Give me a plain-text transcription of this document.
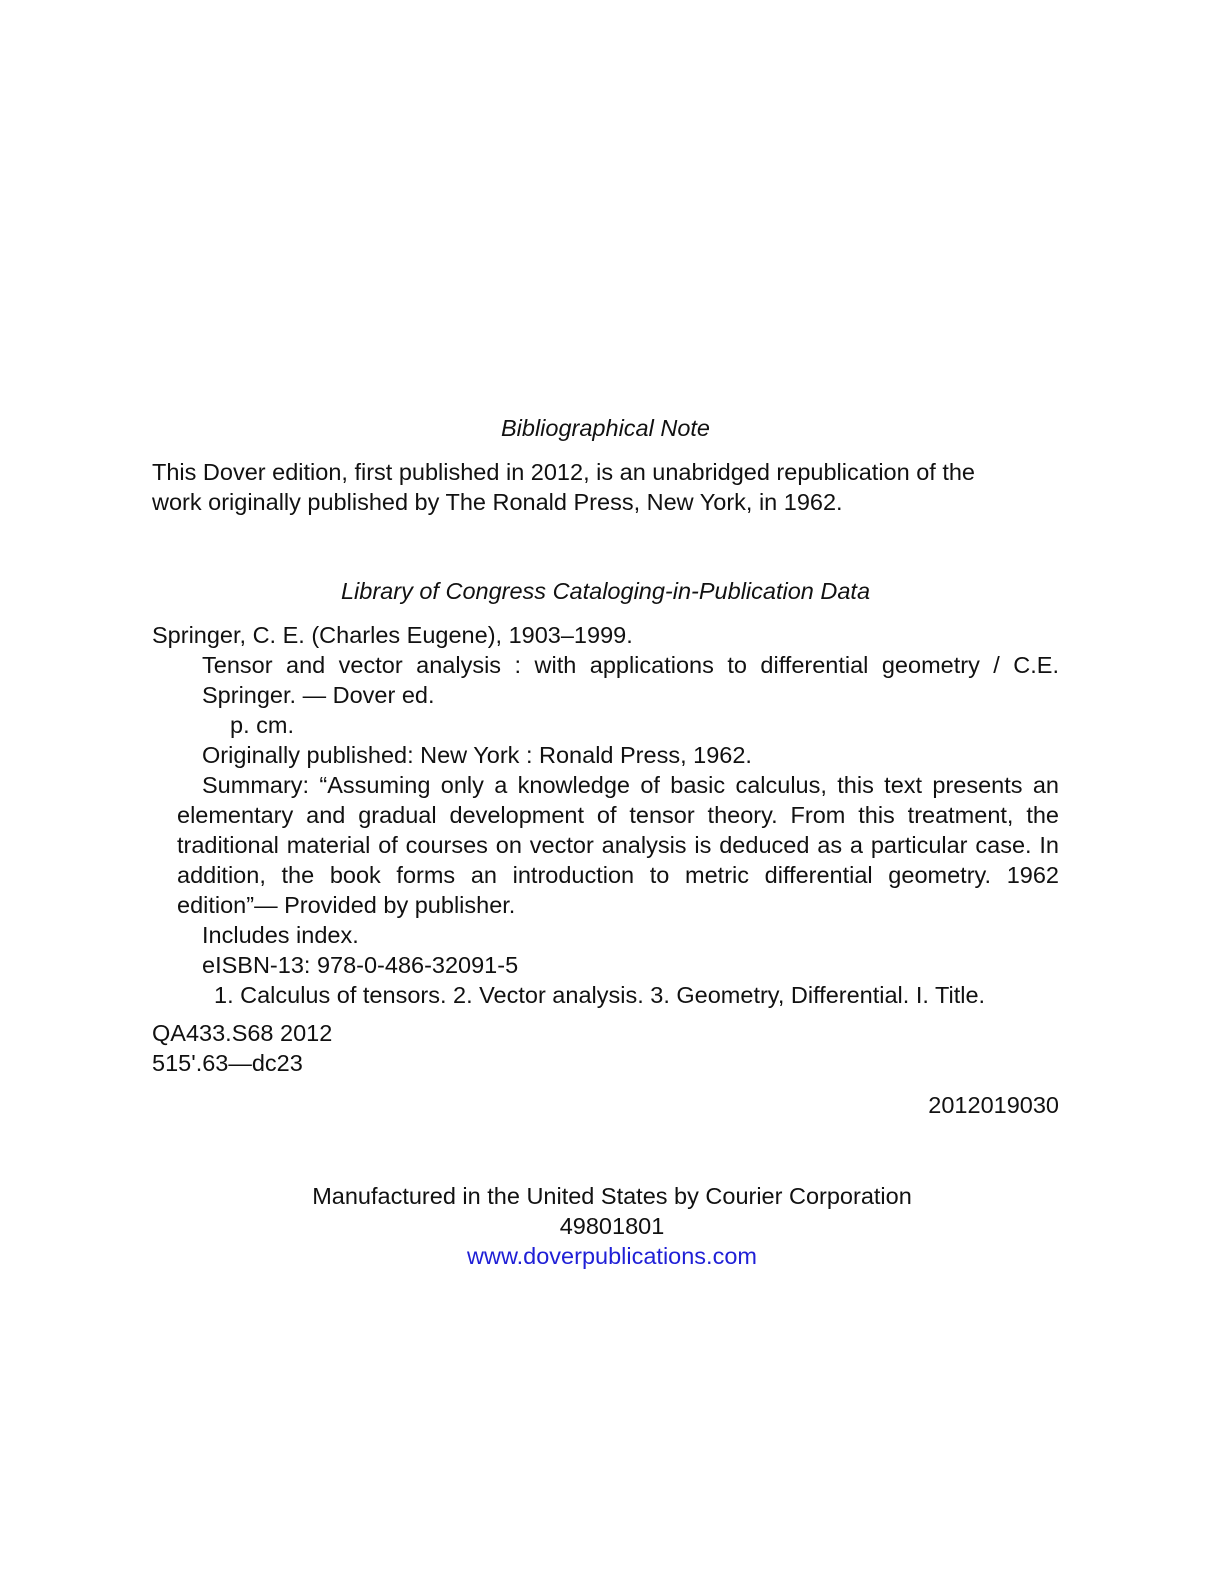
Bibliographical Note

This Dover edition, first published in 2012, is an unabridged republication of the
work originally published by The Ronald Press, New York, in 1962.

Library of Congress Cataloging-in-Publication Data

Springer, C. E. (Charles Eugene), 1903–1999.

Tensor and vector analysis : with applications to differential geometry / C.E. Springer. — Dover ed.

p. cm.

Originally published: New York : Ronald Press, 1962.

Summary: “Assuming only a knowledge of basic calculus, this text presents an elementary and gradual development of tensor theory. From this treatment, the traditional material of courses on vector analysis is deduced as a particular case. In addition, the book forms an introduction to metric differential geometry. 1962 edition”— Provided by publisher.

Includes index.

eISBN-13: 978-0-486-32091-5

1. Calculus of tensors. 2. Vector analysis. 3. Geometry, Differential. I. Title.

QA433.S68 2012
515'.63—dc23
2012019030

Manufactured in the United States by Courier Corporation

49801801

www.doverpublications.com
